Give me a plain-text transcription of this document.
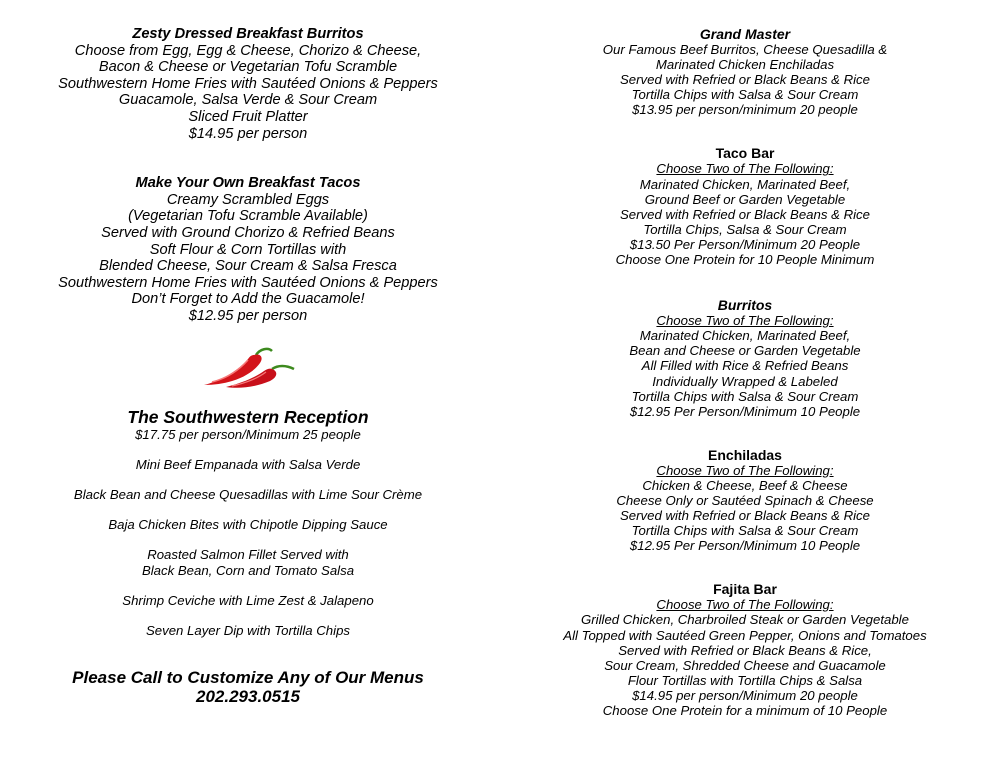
Zesty Dressed Breakfast Burritos
Choose from Egg, Egg & Cheese, Chorizo & Cheese,
Bacon & Cheese or Vegetarian Tofu Scramble
Southwestern Home Fries with Sautéed Onions & Peppers
Guacamole, Salsa Verde & Sour Cream
Sliced Fruit Platter
$14.95 per person
Make Your Own Breakfast Tacos
Creamy Scrambled Eggs
(Vegetarian Tofu Scramble Available)
Served with Ground Chorizo & Refried Beans
Soft Flour & Corn Tortillas with
Blended Cheese, Sour Cream & Salsa Fresca
Southwestern Home Fries with Sautéed Onions & Peppers
Don’t Forget to Add the Guacamole!
$12.95 per person
The Southwestern Reception
$17.75 per person/Minimum 25 people
Mini Beef Empanada with Salsa Verde
Black Bean and Cheese Quesadillas with Lime Sour Crème
Baja Chicken Bites with Chipotle Dipping Sauce
Roasted Salmon Fillet Served with
Black Bean, Corn and Tomato Salsa
Shrimp Ceviche with Lime Zest & Jalapeno
Seven Layer Dip with Tortilla Chips
Please Call to Customize Any of Our Menus
202.293.0515
Grand Master
Our Famous Beef Burritos, Cheese Quesadilla &
Marinated Chicken Enchiladas
Served with Refried or Black Beans & Rice
Tortilla Chips with Salsa & Sour Cream
$13.95 per person/minimum 20 people
Taco Bar
Choose Two of The Following:
Marinated Chicken, Marinated Beef,
Ground Beef or Garden Vegetable
Served with Refried or Black Beans & Rice
Tortilla Chips, Salsa & Sour Cream
$13.50 Per Person/Minimum 20 People
Choose One Protein for 10 People Minimum
Burritos
Choose Two of The Following:
Marinated Chicken, Marinated Beef,
Bean and Cheese or Garden Vegetable
All Filled with Rice & Refried Beans
Individually Wrapped & Labeled
Tortilla Chips with Salsa & Sour Cream
$12.95 Per Person/Minimum 10 People
Enchiladas
Choose Two of The Following:
Chicken & Cheese, Beef & Cheese
Cheese Only or Sautéed Spinach & Cheese
Served with Refried or Black Beans & Rice
Tortilla Chips with Salsa & Sour Cream
$12.95 Per Person/Minimum 10 People
Fajita Bar
Choose Two of The Following:
Grilled Chicken, Charbroiled Steak or Garden Vegetable
All Topped with Sautéed Green Pepper, Onions and Tomatoes
Served with Refried or Black Beans & Rice,
Sour Cream, Shredded Cheese and Guacamole
Flour Tortillas with Tortilla Chips & Salsa
$14.95 per person/Minimum 20 people
Choose One Protein for a minimum of 10 People
